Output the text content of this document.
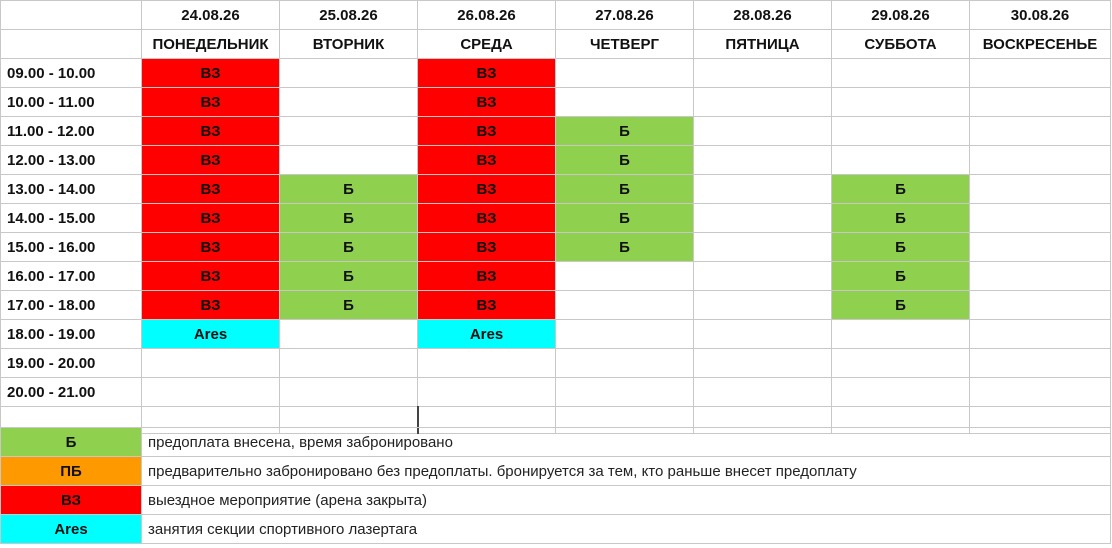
	24.08.26	25.08.26	26.08.26	27.08.26	28.08.26	29.08.26	30.08.26
	ПОНЕДЕЛЬНИК	ВТОРНИК	СРЕДА	ЧЕТВЕРГ	ПЯТНИЦА	СУББОТА	ВОСКРЕСЕНЬЕ
09.00 - 10.00	ВЗ		ВЗ				
10.00 - 11.00	ВЗ		ВЗ				
11.00 - 12.00	ВЗ		ВЗ	Б			
12.00 - 13.00	ВЗ		ВЗ	Б			
13.00 - 14.00	ВЗ	Б	ВЗ	Б		Б	
14.00 - 15.00	ВЗ	Б	ВЗ	Б		Б	
15.00 - 16.00	ВЗ	Б	ВЗ	Б		Б	
16.00 - 17.00	ВЗ	Б	ВЗ			Б	
17.00 - 18.00	ВЗ	Б	ВЗ			Б	
18.00 - 19.00	Ares		Ares				
19.00 - 20.00							
20.00 - 21.00							

Б	предоплата внесена, время забронировано
ПБ	предварительно забронировано без предоплаты. бронируется за тем, кто раньше внесет предоплату
ВЗ	выездное мероприятие (арена закрыта)
Ares	занятия секции спортивного лазертага
